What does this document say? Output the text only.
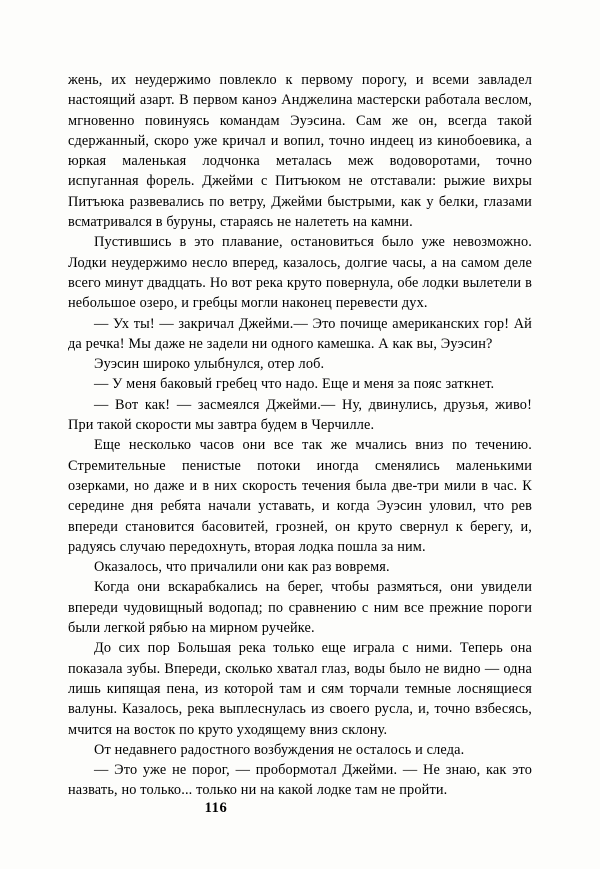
жень, их неудержимо повлекло к первому порогу, и всеми завладел настоящий азарт. В первом каноэ Анджелина мастерски работала веслом, мгновенно повинуясь командам Эуэсина. Сам же он, всегда такой сдержанный, скоро уже кричал и вопил, точно индеец из кинобоевика, а юркая маленькая лодчонка металась меж водоворотами, точно испуганная форель. Джейми с Питъюком не отставали: рыжие вихры Питъюка развевались по ветру, Джейми быстрыми, как у белки, глазами всматривался в буруны, стараясь не налететь на камни.

Пустившись в это плавание, остановиться было уже невозможно. Лодки неудержимо несло вперед, казалось, долгие часы, а на самом деле всего минут двадцать. Но вот река круто повернула, обе лодки вылетели в небольшое озеро, и гребцы могли наконец перевести дух.

— Ух ты! — закричал Джейми.— Это почище американских гор! Ай да речка! Мы даже не задели ни одного камешка. А как вы, Эуэсин?

Эуэсин широко улыбнулся, отер лоб.

— У меня баковый гребец что надо. Еще и меня за пояс заткнет.

— Вот как! — засмеялся Джейми.— Ну, двинулись, друзья, живо! При такой скорости мы завтра будем в Черчилле.

Еще несколько часов они все так же мчались вниз по течению. Стремительные пенистые потоки иногда сменялись маленькими озерками, но даже и в них скорость течения была две-три мили в час. К середине дня ребята начали уставать, и когда Эуэсин уловил, что рев впереди становится басовитей, грозней, он круто свернул к берегу, и, радуясь случаю передохнуть, вторая лодка пошла за ним.

Оказалось, что причалили они как раз вовремя.

Когда они вскарабкались на берег, чтобы размяться, они увидели впереди чудовищный водопад; по сравнению с ним все прежние пороги были легкой рябью на мирном ручейке.

До сих пор Большая река только еще играла с ними. Теперь она показала зубы. Впереди, сколько хватал глаз, воды было не видно — одна лишь кипящая пена, из которой там и сям торчали темные лоснящиеся валуны. Казалось, река выплеснулась из своего русла, и, точно взбесясь, мчится на восток по круто уходящему вниз склону.

От недавнего радостного возбуждения не осталось и следа.

— Это уже не порог, — пробормотал Джейми. — Не знаю, как это назвать, но только... только ни на какой лодке там не пройти.

116
